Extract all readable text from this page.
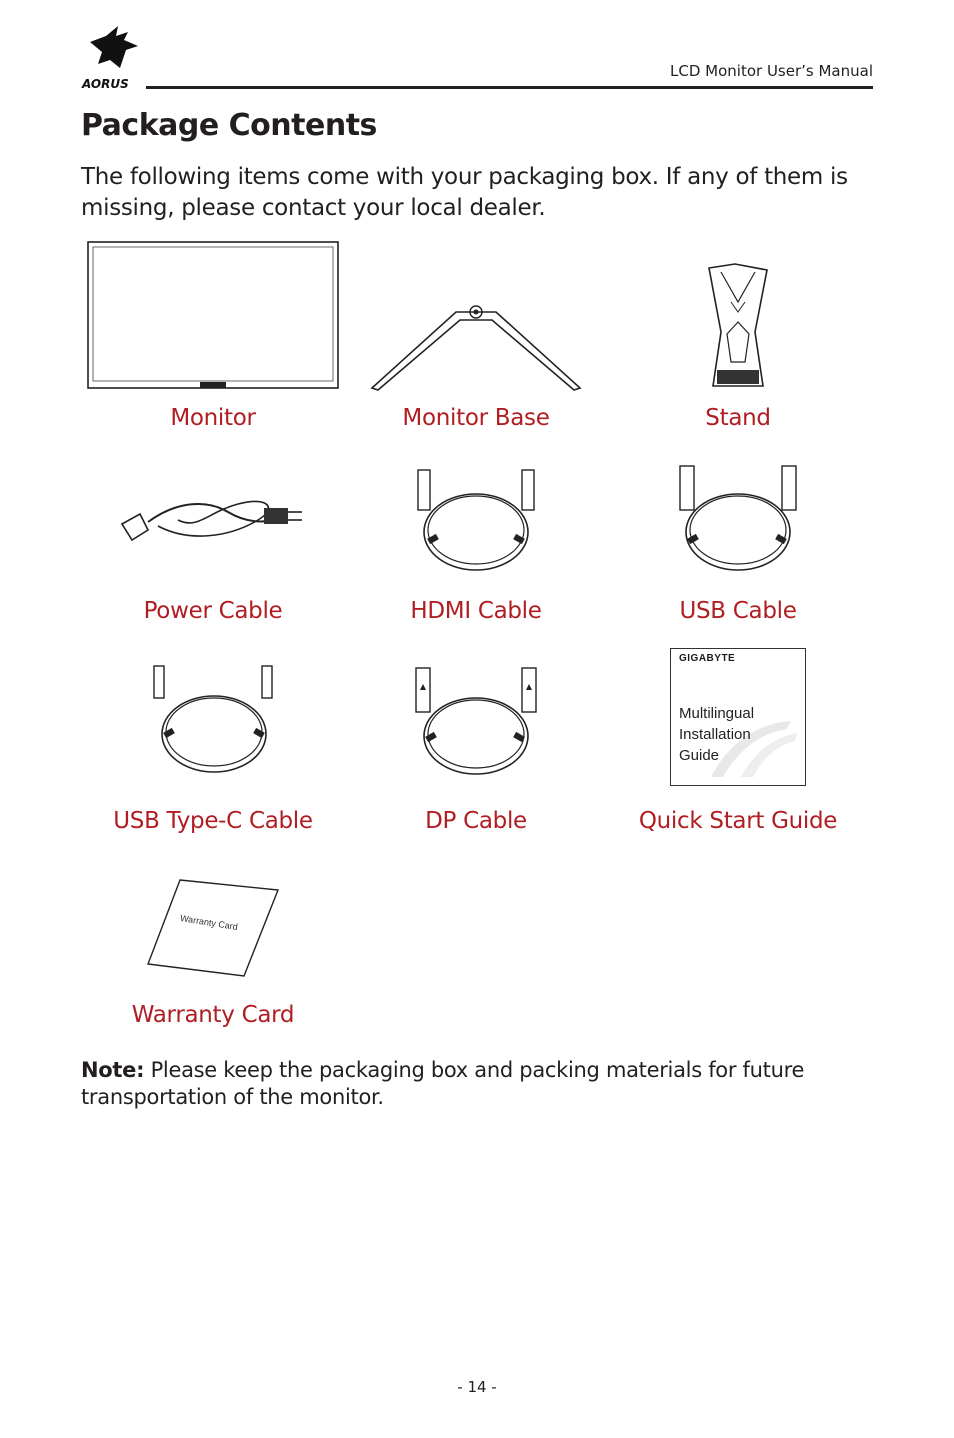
AORUS
LCD Monitor User’s Manual
Package Contents

The following items come with your packaging box. If any of them is missing, please contact your local dealer.

Monitor	Monitor Base	Stand
Power Cable	HDMI Cable	USB Cable
USB Type-C Cable	DP Cable
GIGABYTE
Multilingual
Installation
Guide
Quick Start Guide
Warranty Card
Warranty Card

Note: Please keep the packaging box and packing materials for future transportation of the monitor.

- 14 -
